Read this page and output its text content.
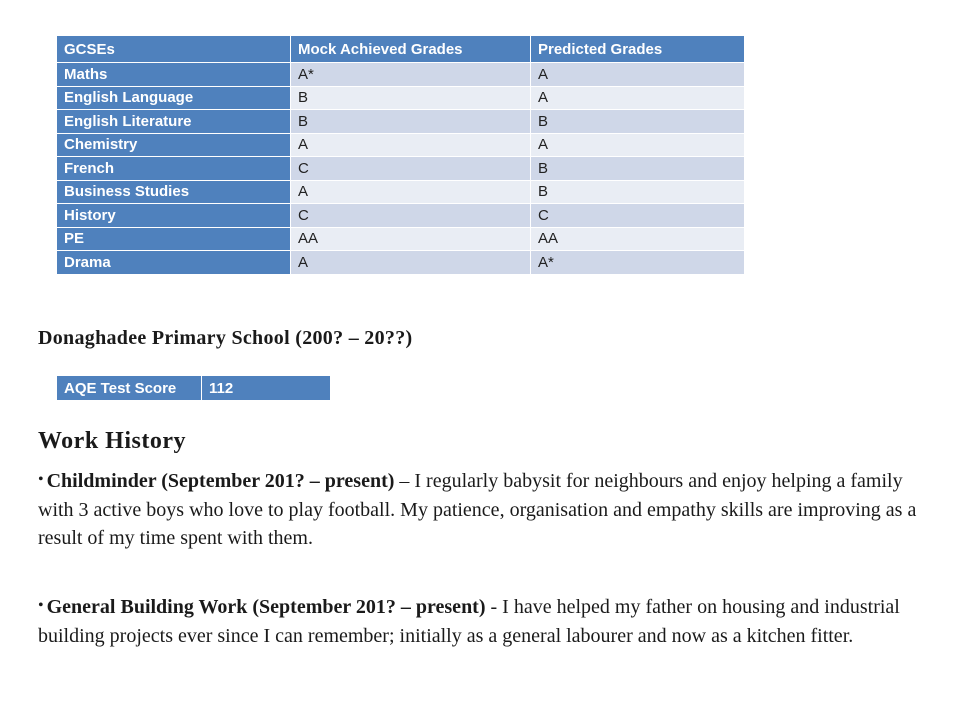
GCSEs	Mock Achieved Grades	Predicted Grades
Maths	A*	A
English Language	B	A
English Literature	B	B
Chemistry	A	A
French	C	B
Business Studies	A	B
History	C	C
PE	AA	AA
Drama	A	A*
Donaghadee Primary School (200? – 20??)
AQE Test Score	112
Work History
• Childminder (September 201? – present) – I regularly babysit for neighbours and enjoy helping a family with 3 active boys who love to play football. My patience, organisation and empathy skills are improving as a result of my time spent with them.
• General Building Work (September 201? – present) - I have helped my father on housing and industrial building projects ever since I can remember; initially as a general labourer and now as a kitchen fitter.
